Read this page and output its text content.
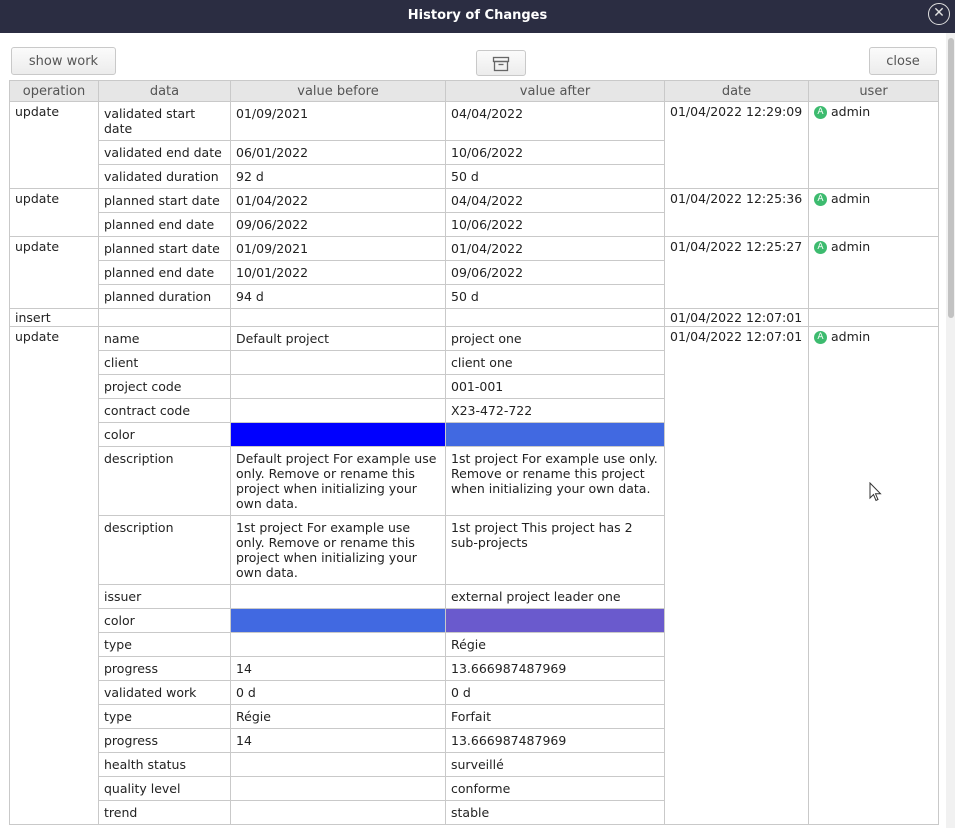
History of Changes	✕
show work	close
operation	data	value before	value after	date	user
update	validated start date	01/09/2021	04/04/2022	01/04/2022 12:29:09	A admin
	validated end date	06/01/2022	10/06/2022		
	validated duration	92 d	50 d		
update	planned start date	01/04/2022	04/04/2022	01/04/2022 12:25:36	A admin
	planned end date	09/06/2022	10/06/2022		
update	planned start date	01/09/2021	01/04/2022	01/04/2022 12:25:27	A admin
	planned end date	10/01/2022	09/06/2022		
	planned duration	94 d	50 d		
insert				01/04/2022 12:07:01	
update	name	Default project	project one	01/04/2022 12:07:01	A admin
	client		client one		
	project code		001-001		
	contract code		X23-472-722		
	color				
	description	Default project For example use only. Remove or rename this project when initializing your own data.	1st project For example use only. Remove or rename this project when initializing your own data.		
	description	1st project For example use only. Remove or rename this project when initializing your own data.	1st project This project has 2 sub-projects		
	issuer		external project leader one		
	color				
	type		Régie		
	progress	14	13.666987487969		
	validated work	0 d	0 d		
	type	Régie	Forfait		
	progress	14	13.666987487969		
	health status		surveillé		
	quality level		conforme		
	trend		stable		
